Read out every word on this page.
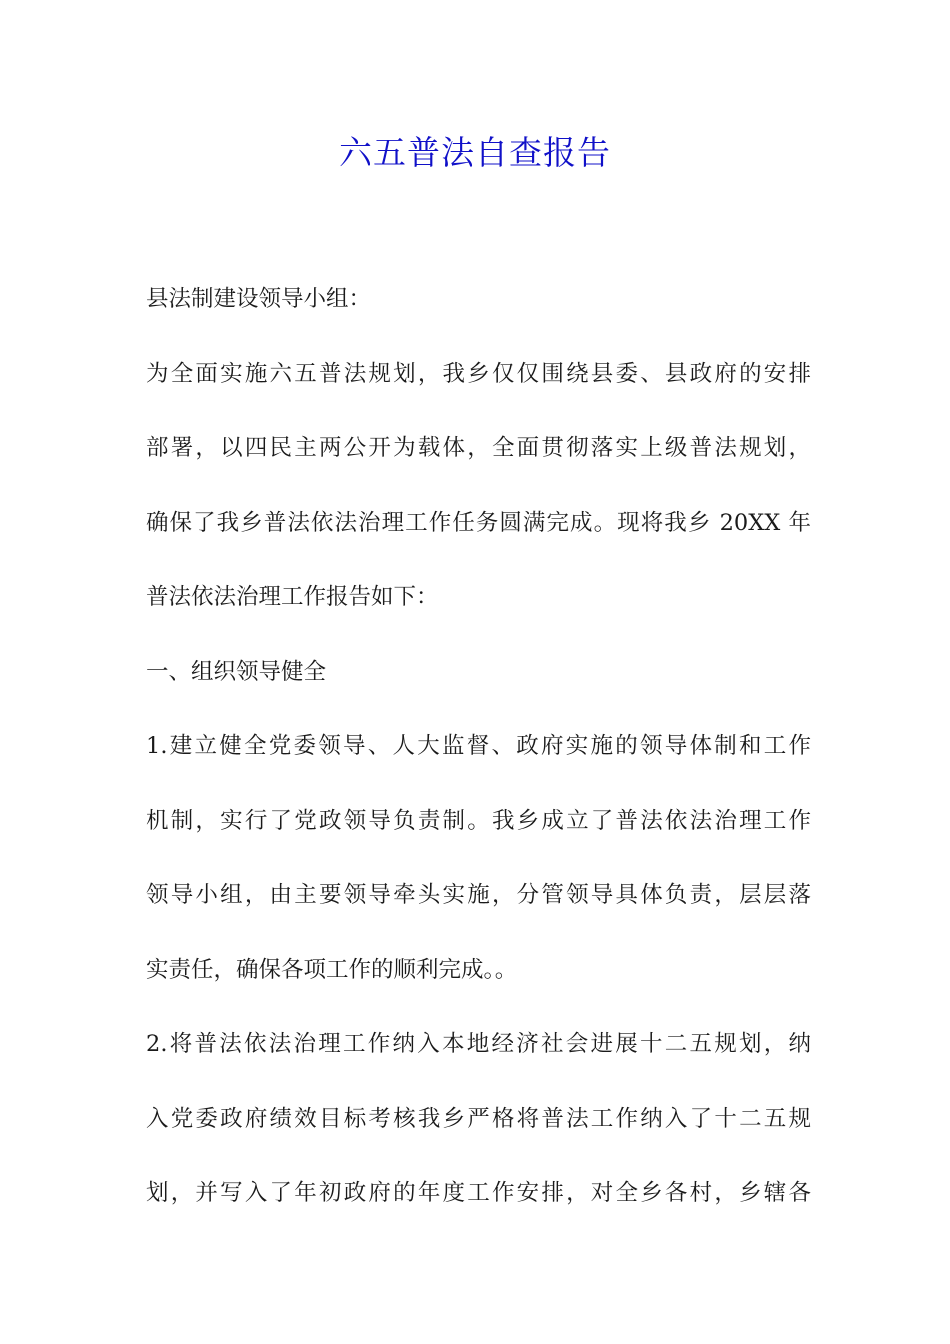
六五普法自查报告
县法制建设领导小组：
为全面实施六五普法规划，我乡仅仅围绕县委、县政府的安排
部署，以四民主两公开为载体，全面贯彻落实上级普法规划，
确保了我乡普法依法治理工作任务圆满完成。现将我乡 20XX 年
普法依法治理工作报告如下：
一、组织领导健全
1.建立健全党委领导、人大监督、政府实施的领导体制和工作
机制，实行了党政领导负责制。我乡成立了普法依法治理工作
领导小组，由主要领导牵头实施，分管领导具体负责，层层落
实责任，确保各项工作的顺利完成。。
2.将普法依法治理工作纳入本地经济社会进展十二五规划，纳
入党委政府绩效目标考核我乡严格将普法工作纳入了十二五规
划，并写入了年初政府的年度工作安排，对全乡各村，乡辖各
